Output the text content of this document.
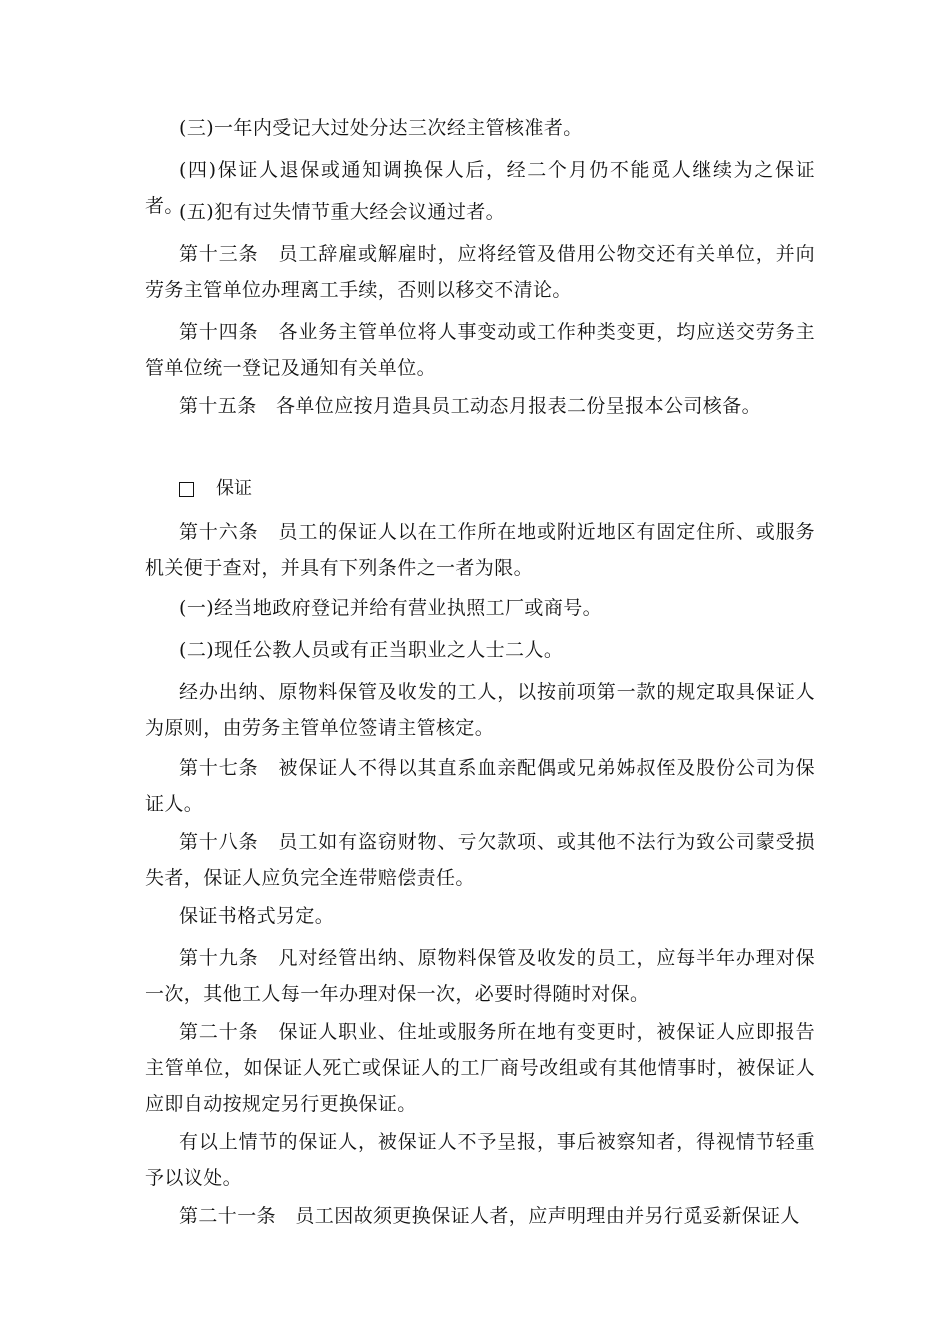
(三)一年内受记大过处分达三次经主管核准者。

(四)保证人退保或通知调换保人后，经二个月仍不能觅人继续为之保证者。

(五)犯有过失情节重大经会议通过者。

第十三条　员工辞雇或解雇时，应将经管及借用公物交还有关单位，并向劳务主管单位办理离工手续，否则以移交不清论。

第十四条　各业务主管单位将人事变动或工作种类变更，均应送交劳务主管单位统一登记及通知有关单位。

第十五条　各单位应按月造具员工动态月报表二份呈报本公司核备。

保证

第十六条　员工的保证人以在工作所在地或附近地区有固定住所、或服务机关便于查对，并具有下列条件之一者为限。

(一)经当地政府登记并给有营业执照工厂或商号。

(二)现任公教人员或有正当职业之人士二人。

经办出纳、原物料保管及收发的工人，以按前项第一款的规定取具保证人为原则，由劳务主管单位签请主管核定。

第十七条　被保证人不得以其直系血亲配偶或兄弟姊叔侄及股份公司为保证人。

第十八条　员工如有盗窃财物、亏欠款项、或其他不法行为致公司蒙受损失者，保证人应负完全连带赔偿责任。

保证书格式另定。

第十九条　凡对经管出纳、原物料保管及收发的员工，应每半年办理对保一次，其他工人每一年办理对保一次，必要时得随时对保。

第二十条　保证人职业、住址或服务所在地有变更时，被保证人应即报告主管单位，如保证人死亡或保证人的工厂商号改组或有其他情事时，被保证人应即自动按规定另行更换保证。

有以上情节的保证人，被保证人不予呈报，事后被察知者，得视情节轻重予以议处。

第二十一条　员工因故须更换保证人者，应声明理由并另行觅妥新保证人
